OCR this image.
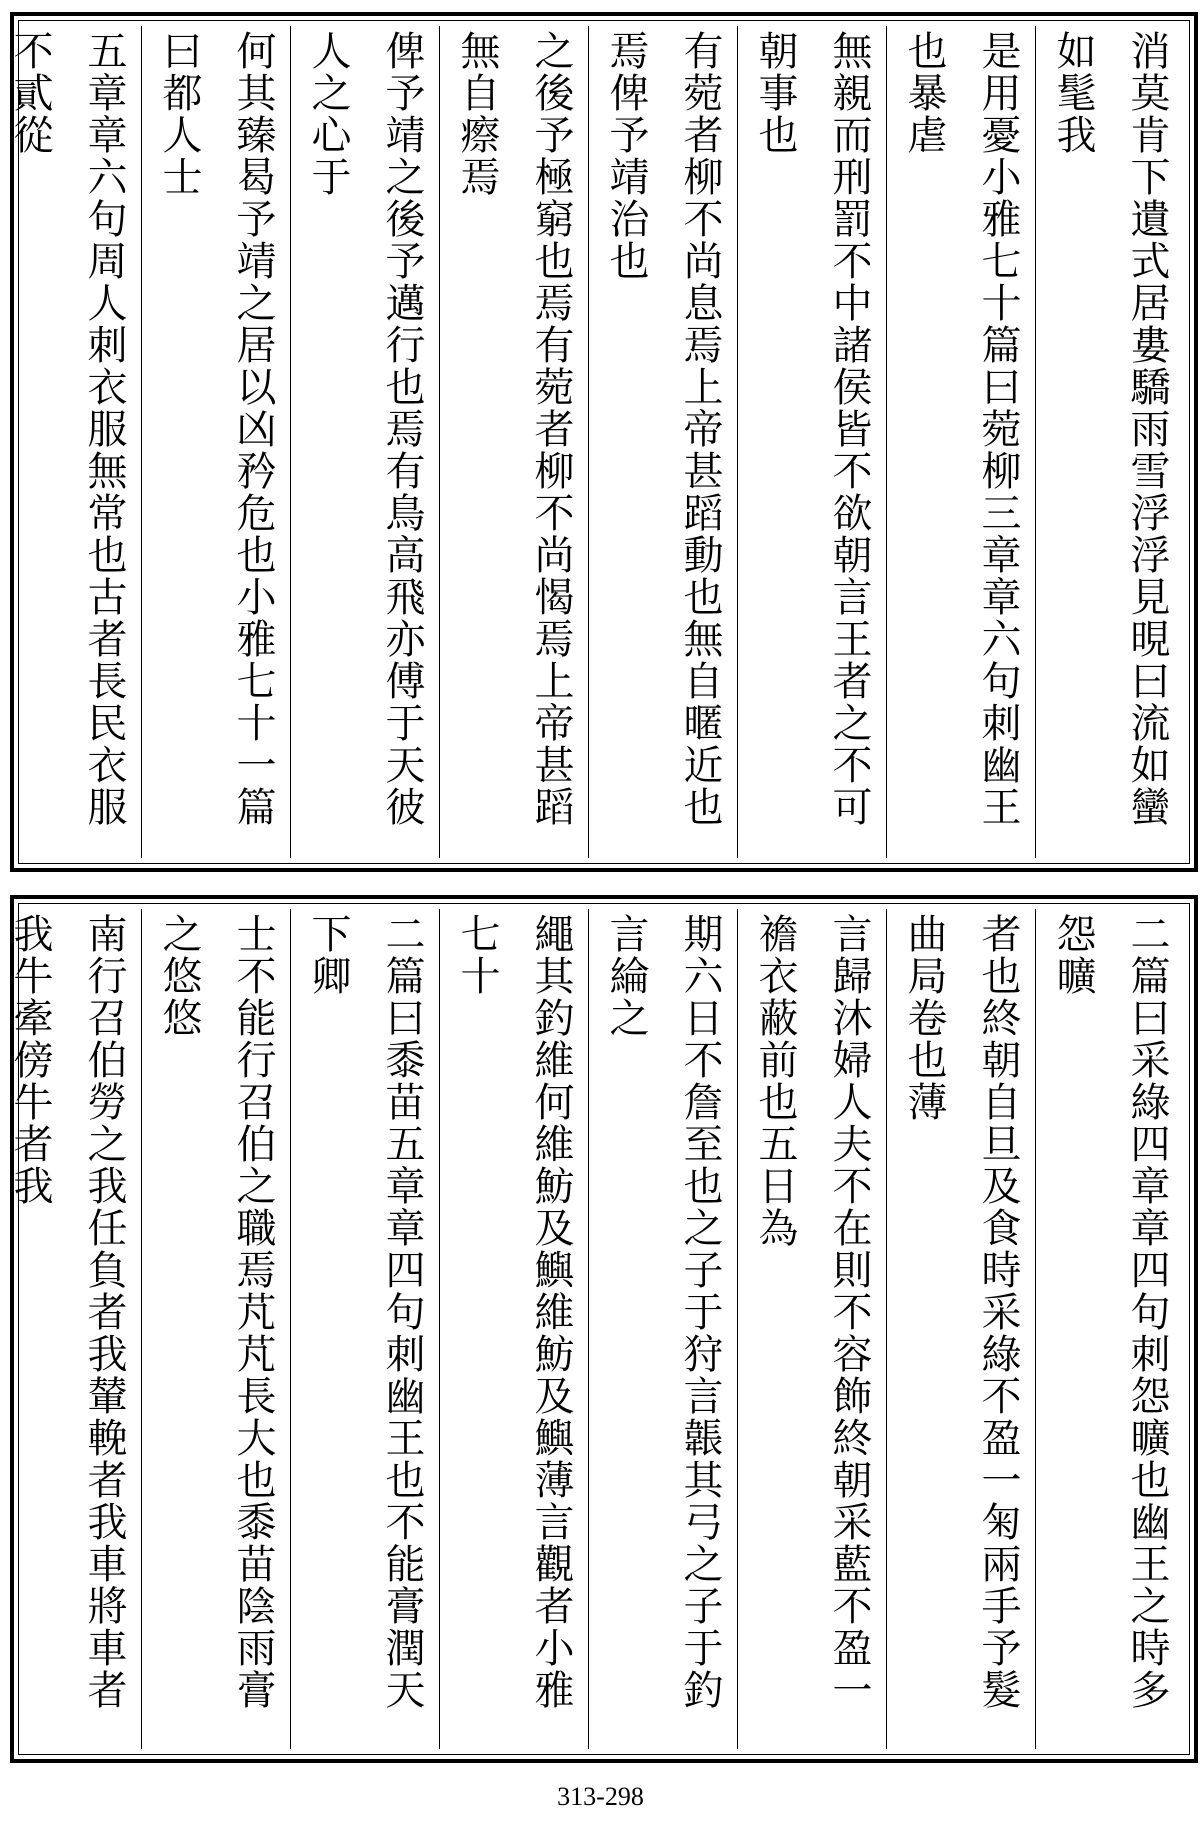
消莫肯下遺式居婁驕雨雪浮浮見晛曰流如蠻如髦我
是用憂小雅七十篇曰菀柳三章章六句刺幽王也暴虐
無親而刑罰不中諸侯皆不欲朝言王者之不可朝事也
有菀者柳不尚息焉上帝甚蹈動也無自暱近也焉俾予靖治也
之後予極窮也焉有菀者柳不尚愒焉上帝甚蹈無自瘵焉
俾予靖之後予邁行也焉有鳥高飛亦傅于天彼人之心于
何其臻曷予靖之居以凶矜危也小雅七十一篇曰都人士
五章章六句周人刺衣服無常也古者長民衣服不貳從
二篇曰采綠四章章四句刺怨曠也幽王之時多怨曠
者也終朝自旦及食時采綠不盈一匊兩手予髮曲局卷也薄
言歸沐婦人夫不在則不容飾終朝采藍不盈一襜衣蔽前也五日為
期六日不詹至也之子于狩言韔其弓之子于釣言綸之
繩其釣維何維魴及鱮維魴及鱮薄言觀者小雅七十
二篇曰黍苗五章章四句刺幽王也不能膏潤天下卿
士不能行召伯之職焉芃芃長大也黍苗陰雨膏之悠悠
南行召伯勞之我任負者我輦輓者我車將車者我牛牽傍牛者我
313-298
